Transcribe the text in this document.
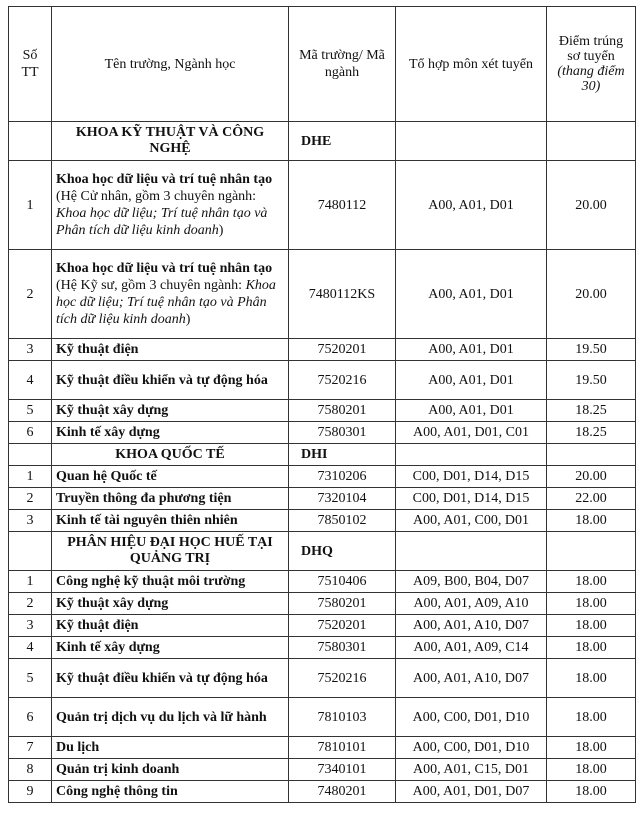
Số TT	Tên trường, Ngành học	Mã trường/ Mã ngành	Tổ hợp môn xét tuyển	Điểm trúng sơ tuyển (thang điểm 30)
	KHOA KỸ THUẬT VÀ CÔNG NGHỆ	DHE		
1	Khoa học dữ liệu và trí tuệ nhân tạo (Hệ Cử nhân, gồm 3 chuyên ngành: Khoa học dữ liệu; Trí tuệ nhân tạo và Phân tích dữ liệu kinh doanh)	7480112	A00, A01, D01	20.00
2	Khoa học dữ liệu và trí tuệ nhân tạo (Hệ Kỹ sư, gồm 3 chuyên ngành: Khoa học dữ liệu; Trí tuệ nhân tạo và Phân tích dữ liệu kinh doanh)	7480112KS	A00, A01, D01	20.00
3	Kỹ thuật điện	7520201	A00, A01, D01	19.50
4	Kỹ thuật điều khiển và tự động hóa	7520216	A00, A01, D01	19.50
5	Kỹ thuật xây dựng	7580201	A00, A01, D01	18.25
6	Kinh tế xây dựng	7580301	A00, A01, D01, C01	18.25
	KHOA QUỐC TẾ	DHI		
1	Quan hệ Quốc tế	7310206	C00, D01, D14, D15	20.00
2	Truyền thông đa phương tiện	7320104	C00, D01, D14, D15	22.00
3	Kinh tế tài nguyên thiên nhiên	7850102	A00, A01, C00, D01	18.00
	PHÂN HIỆU ĐẠI HỌC HUẾ TẠI QUẢNG TRỊ	DHQ		
1	Công nghệ kỹ thuật môi trường	7510406	A09, B00, B04, D07	18.00
2	Kỹ thuật xây dựng	7580201	A00, A01, A09, A10	18.00
3	Kỹ thuật điện	7520201	A00, A01, A10, D07	18.00
4	Kinh tế xây dựng	7580301	A00, A01, A09, C14	18.00
5	Kỹ thuật điều khiển và tự động hóa	7520216	A00, A01, A10, D07	18.00
6	Quản trị dịch vụ du lịch và lữ hành	7810103	A00, C00, D01, D10	18.00
7	Du lịch	7810101	A00, C00, D01, D10	18.00
8	Quản trị kinh doanh	7340101	A00, A01, C15, D01	18.00
9	Công nghệ thông tin	7480201	A00, A01, D01, D07	18.00
